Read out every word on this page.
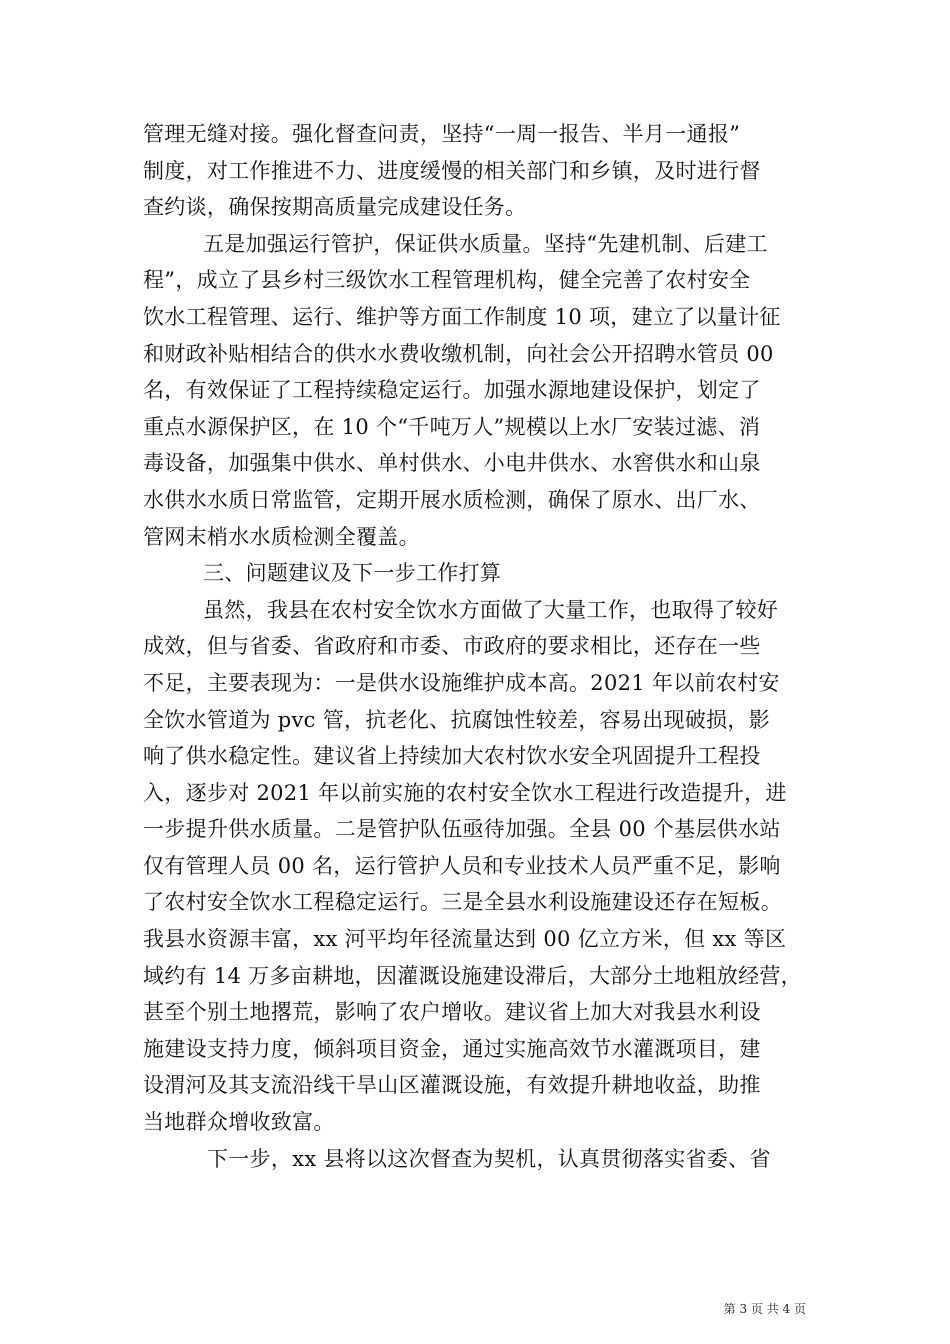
管理无缝对接。强化督查问责，坚持“一周一报告、半月一通报”
制度，对工作推进不力、进度缓慢的相关部门和乡镇，及时进行督
查约谈，确保按期高质量完成建设任务。
五是加强运行管护，保证供水质量。坚持“先建机制、后建工
程”，成立了县乡村三级饮水工程管理机构，健全完善了农村安全
饮水工程管理、运行、维护等方面工作制度 10 项，建立了以量计征
和财政补贴相结合的供水水费收缴机制，向社会公开招聘水管员 00
名，有效保证了工程持续稳定运行。加强水源地建设保护，划定了
重点水源保护区，在 10 个“千吨万人”规模以上水厂安装过滤、消
毒设备，加强集中供水、单村供水、小电井供水、水窖供水和山泉
水供水水质日常监管，定期开展水质检测，确保了原水、出厂水、
管网末梢水水质检测全覆盖。
三、问题建议及下一步工作打算
虽然，我县在农村安全饮水方面做了大量工作，也取得了较好
成效，但与省委、省政府和市委、市政府的要求相比，还存在一些
不足，主要表现为：一是供水设施维护成本高。2021 年以前农村安
全饮水管道为 pvc 管，抗老化、抗腐蚀性较差，容易出现破损，影
响了供水稳定性。建议省上持续加大农村饮水安全巩固提升工程投
入，逐步对 2021 年以前实施的农村安全饮水工程进行改造提升，进
一步提升供水质量。二是管护队伍亟待加强。全县 00 个基层供水站
仅有管理人员 00 名，运行管护人员和专业技术人员严重不足，影响
了农村安全饮水工程稳定运行。三是全县水利设施建设还存在短板。
我县水资源丰富，xx 河平均年径流量达到 00 亿立方米，但 xx 等区
域约有 14 万多亩耕地，因灌溉设施建设滞后，大部分土地粗放经营，
甚至个别土地撂荒，影响了农户增收。建议省上加大对我县水利设
施建设支持力度，倾斜项目资金，通过实施高效节水灌溉项目，建
设渭河及其支流沿线干旱山区灌溉设施，有效提升耕地收益，助推
当地群众增收致富。
下一步，xx 县将以这次督查为契机，认真贯彻落实省委、省
第 3 页 共 4 页
